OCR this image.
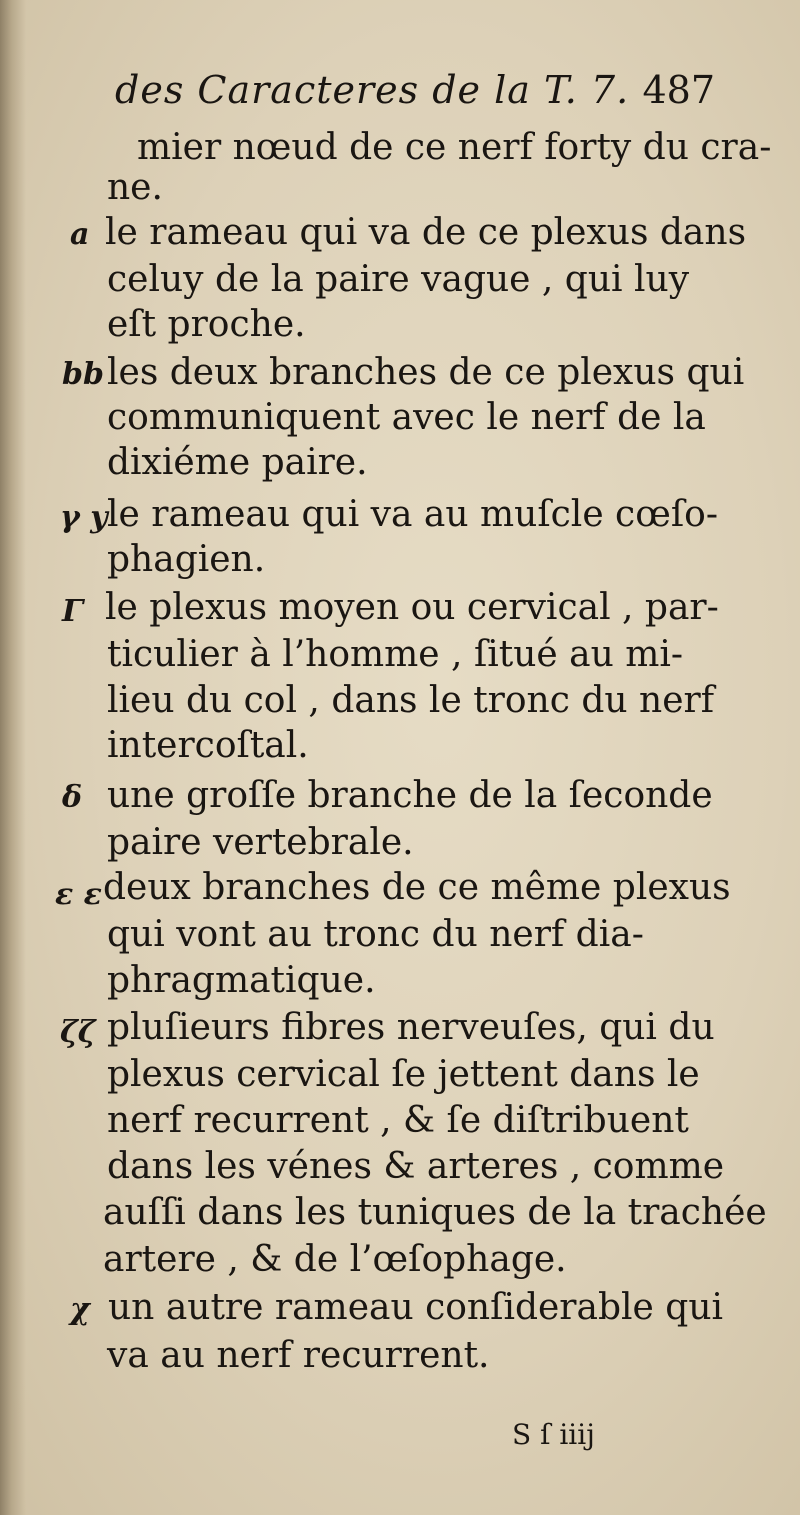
des Caracteres de la T. 7. 487
mier nœud de ce nerf forty du cra-
ne.
a le rameau qui va de ce plexus dans
celuy de la paire vague , qui luy
eſt proche.
bb les deux branches de ce plexus qui
communiquent avec le nerf de la
dixiéme paire.
γ y le rameau qui va au muſcle cœſo-
phagien.
Γ le plexus moyen ou cervical , par-
ticulier à l’homme , ſitué au mi-
lieu du col , dans le tronc du nerf
intercoſtal.
δ une groſſe branche de la ſeconde
paire vertebrale.
ε ε deux branches de ce même plexus
qui vont au tronc du nerf dia-
phragmatique.
ζζ pluſieurs fibres nerveuſes, qui du
plexus cervical ſe jettent dans le
nerf recurrent , & ſe diſtribuent
dans les vénes & arteres , comme
auſſi dans les tuniques de la trachée
artere , & de l’œſophage.
χ un autre rameau conſiderable qui
va au nerf recurrent.
S ſ iiij
